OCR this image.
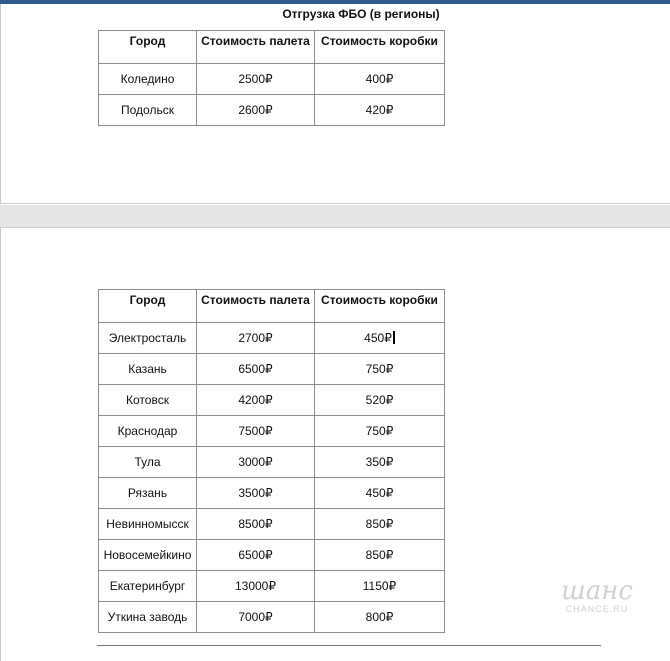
Отгрузка ФБО (в регионы)
Город	Стоимость палета	Стоимость коробки
Коледино	2500₽	400₽
Подольск	2600₽	420₽
Город	Стоимость палета	Стоимость коробки
Электросталь	2700₽	450₽
Казань	6500₽	750₽
Котовск	4200₽	520₽
Краснодар	7500₽	750₽
Тула	3000₽	350₽
Рязань	3500₽	450₽
Невинномысск	8500₽	850₽
Новосемейкино	6500₽	850₽
Екатеринбург	13000₽	1150₽
Уткина заводь	7000₽	800₽
шанс
CHANCE.RU
